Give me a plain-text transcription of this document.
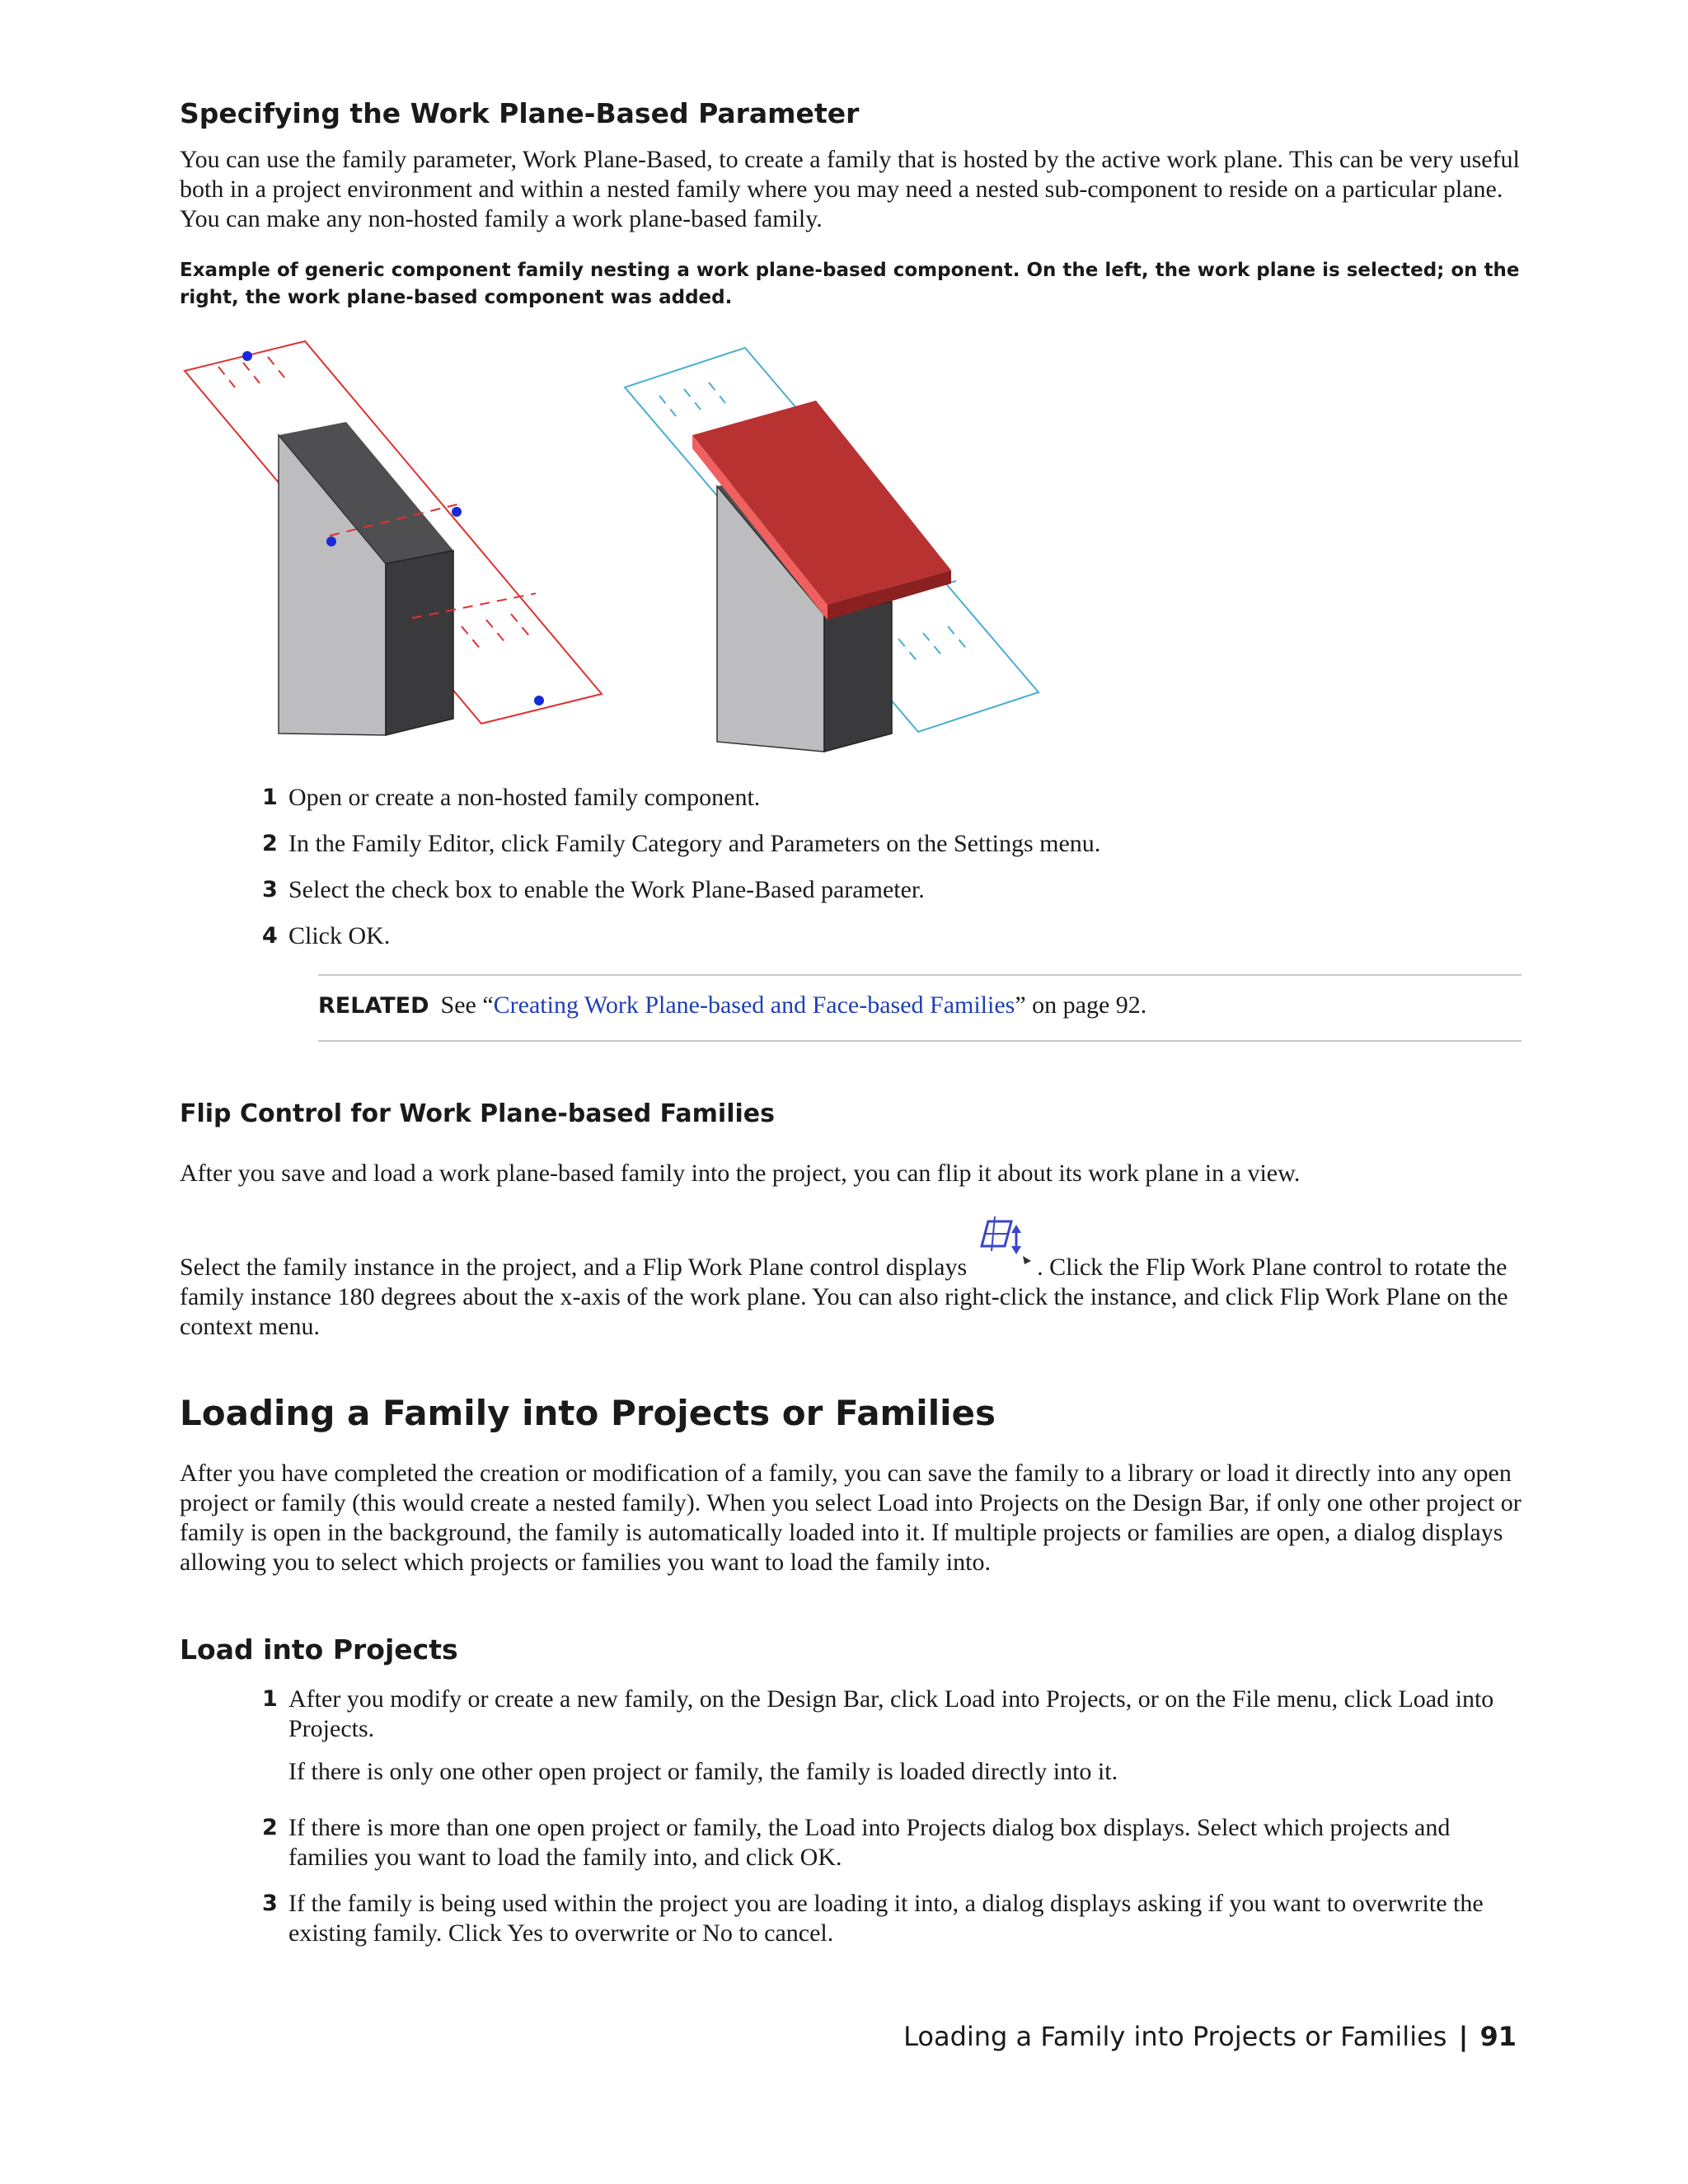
Specifying the Work Plane-Based Parameter
You can use the family parameter, Work Plane-Based, to create a family that is hosted by the active work plane. This can be very useful both in a project environment and within a nested family where you may need a nested sub-component to reside on a particular plane. You can make any non-hosted family a work plane-based family.
Example of generic component family nesting a work plane-based component. On the left, the work plane is selected; on the right, the work plane-based component was added.
1 Open or create a non-hosted family component.
2 In the Family Editor, click Family Category and Parameters on the Settings menu.
3 Select the check box to enable the Work Plane-Based parameter.
4 Click OK.
RELATED See “Creating Work Plane-based and Face-based Families” on page 92.
Flip Control for Work Plane-based Families
After you save and load a work plane-based family into the project, you can flip it about its work plane in a view.
Select the family instance in the project, and a Flip Work Plane control displays	. Click the Flip Work Plane control to rotate the family instance 180 degrees about the x-axis of the work plane. You can also right-click the instance, and click Flip Work Plane on the context menu.
Loading a Family into Projects or Families
After you have completed the creation or modification of a family, you can save the family to a library or load it directly into any open project or family (this would create a nested family). When you select Load into Projects on the Design Bar, if only one other project or family is open in the background, the family is automatically loaded into it. If multiple projects or families are open, a dialog displays allowing you to select which projects or families you want to load the family into.
Load into Projects
1 After you modify or create a new family, on the Design Bar, click Load into Projects, or on the File menu, click Load into Projects.
If there is only one other open project or family, the family is loaded directly into it.
2 If there is more than one open project or family, the Load into Projects dialog box displays. Select which projects and families you want to load the family into, and click OK.
3 If the family is being used within the project you are loading it into, a dialog displays asking if you want to overwrite the existing family. Click Yes to overwrite or No to cancel.
Loading a Family into Projects or Families | 91
